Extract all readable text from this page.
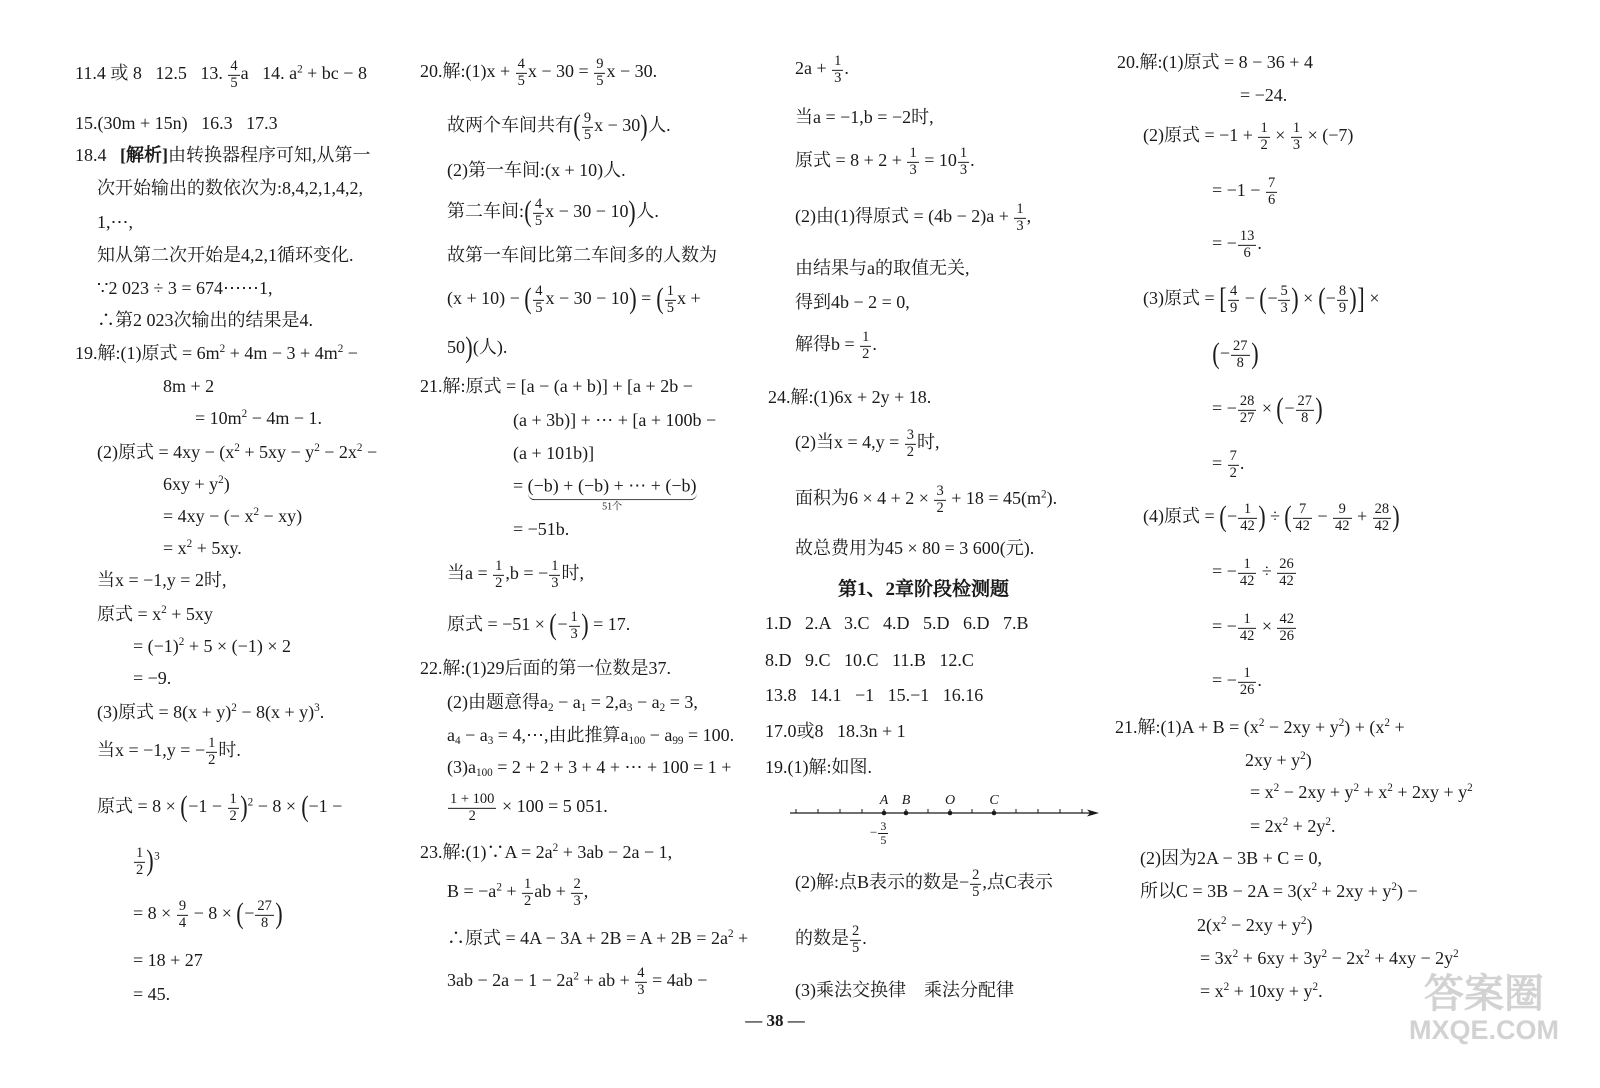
11.4 或 8   12.5   13. $\frac{4}{5}$ a   14. $a^2$ + bc − 8
15.(30m + 15n)   16.3   17.3
18.4   [解析]由转换器程序可知,从第一
次开始输出的数依次为:8,4,2,1,4,2,
1,⋯,
知从第二次开始是4,2,1循环变化.
∵2 023 ÷ 3 = 674⋯⋯1,
∴第2 023次输出的结果是4.
19.解:(1)原式 = $6m^2 + 4m - 3 + 4m^2$ −
8m + 2
= $10m^2 - 4m - 1$.
(2)原式 = $4xy - (x^2 + 5xy - y^2 - 2x^2$ −
$6xy + y^2$)
= 4xy − (− $x^2 - xy$)
= $x^2 + 5xy$.
当x = −1,y = 2时,
原式 = $x^2 + 5xy$
= $(-1)^2 + 5 \times (-1) \times 2$
= −9.
(3)原式 = $8(x + y)^2 - 8(x + y)^3$.
当x = −1,y = − $\frac{1}{2}$ 时.
原式 = $8 \times (-1 - \frac{1}{2} )^2 - 8 \times (-1$ −
$\frac{1}{2} )^3$
= $8 \times \frac{9}{4} - 8$ × (− $\frac{27}{8}$ )
= 18 + 27
= 45.
20.解:(1)x + $\frac{4}{5}$ $x - 30 = \frac{9}{5}$ x − 30.
故两个车间共有( $\frac{9}{5}$ x − 30)人.
(2)第一车间:(x + 10)人.
第二车间:( $\frac{4}{5}$ x − 30 − 10)人.
故第一车间比第二车间多的人数为
(x + 10) − ( $\frac{4}{5}$ x − 30 − 10) = ( $\frac{1}{5}$ x +
50)(人).
21.解:原式 = [a − (a + b)] + [a + 2b −
(a + 3b)] + ⋯ + [a + 100b −
(a + 101b)]
= (−b) + (−b) + ⋯ + (−b)
51个
= −51b.
当$a = \frac{1}{2} ,b$ = − $\frac{1}{3}$ 时,
原式 = −51 × (− $\frac{1}{3}$ ) = 17.
22.解:(1)29后面的第一位数是37.
(2)由题意得$a_2 - a_1 = 2,a_3 - a_2 = 3$,
$a_4 - a_3$ = 4,⋯,由此推算$a_{100} - a_{99} = 100$.
$(3)a_{100} = 2 + 2 + 3 + 4$ + ⋯ + 100 = 1 +
$\frac{1 + 100}{2} \times 100 = 5$ 051.
23.解:(1)∵A = $2a^2 + 3ab - 2a - 1$,
$B = -a^2 + \frac{1}{2}$ ab + $\frac{2}{3}$ ,
∴原式 = $4A - 3A + 2B = A + 2B = 2a^2$ +
$3ab - 2a - 1 - 2a^2$ + ab + $\frac{4}{3} = 4ab$ −
第1、2章阶段检测题
A B O C
− $\frac{3}{5}$
$2a + \frac{1}{3}$ .
当a = −1,b = −2时,
原式 = $8 + 2 + \frac{1}{3} = 10 \frac{1}{3}$ .
(2)由(1)得原式 = $(4b - 2)a + \frac{1}{3}$ ,
由结果与a的取值无关,
得到4b − 2 = 0,
解得$b = \frac{1}{2}$ .
24.解:(1)6x + 2y + 18.
(2)当$x = 4,y = \frac{3}{2}$ 时,
面积为$6 \times 4 + 2 \times \frac{3}{2} + 18 = 45(m^2)$.
故总费用为45 × 80 = 3 600(元).
1.D   2.A   3.C   4.D   5.D   6.D   7.B
8.D   9.C   10.C   11.B   12.C
13.8   14.1   −1   15.−1   16.16
17.0或8   18.3n + 1
19.(1)解:如图.
(2)解:点B表示的数是− $\frac{2}{5}$ ,点C表示
的数是 $\frac{2}{5}$ .
(3)乘法交换律    乘法分配律
20.解:(1)原式 = 8 − 36 + 4
= −24.
(2)原式 = $-1 + \frac{1}{2} \times \frac{1}{3} \times (-7)$
= $-1 - \frac{7}{6}$
= − $\frac{13}{6}$ .
(3)原式 = [ $\frac{4}{9}$ − (− $\frac{5}{3}$ ) × (− $\frac{8}{9}$ )] ×
(− $\frac{27}{8}$ )
= − $\frac{28}{27}$ × (− $\frac{27}{8}$ )
= $\frac{7}{2}$ .
(4)原式 = (− $\frac{1}{42}$ ) ÷ ( $\frac{7}{42} - \frac{9}{42} + \frac{28}{42}$ )
= − $\frac{1}{42} \div \frac{26}{42}$
= − $\frac{1}{42} \times \frac{42}{26}$
= − $\frac{1}{26}$ .
21.解:(1)A + $B = (x^2 - 2xy + y^2) + (x^2$ +
$2xy + y^2$)
= $x^2 - 2xy + y^2 + x^2 + 2xy + y^2$
= $2x^2 + 2y^2$.
(2)因为2A − 3B + C = 0,
所以$C = 3B - 2A = 3(x^2 + 2xy + y^2)$ −
$2(x^2 - 2xy + y^2)$
= $3x^2 + 6xy + 3y^2 - 2x^2 + 4xy - 2y^2$
= $x^2 + 10xy + y^2$.
— 38 —
答案圈
MXQE.COM
